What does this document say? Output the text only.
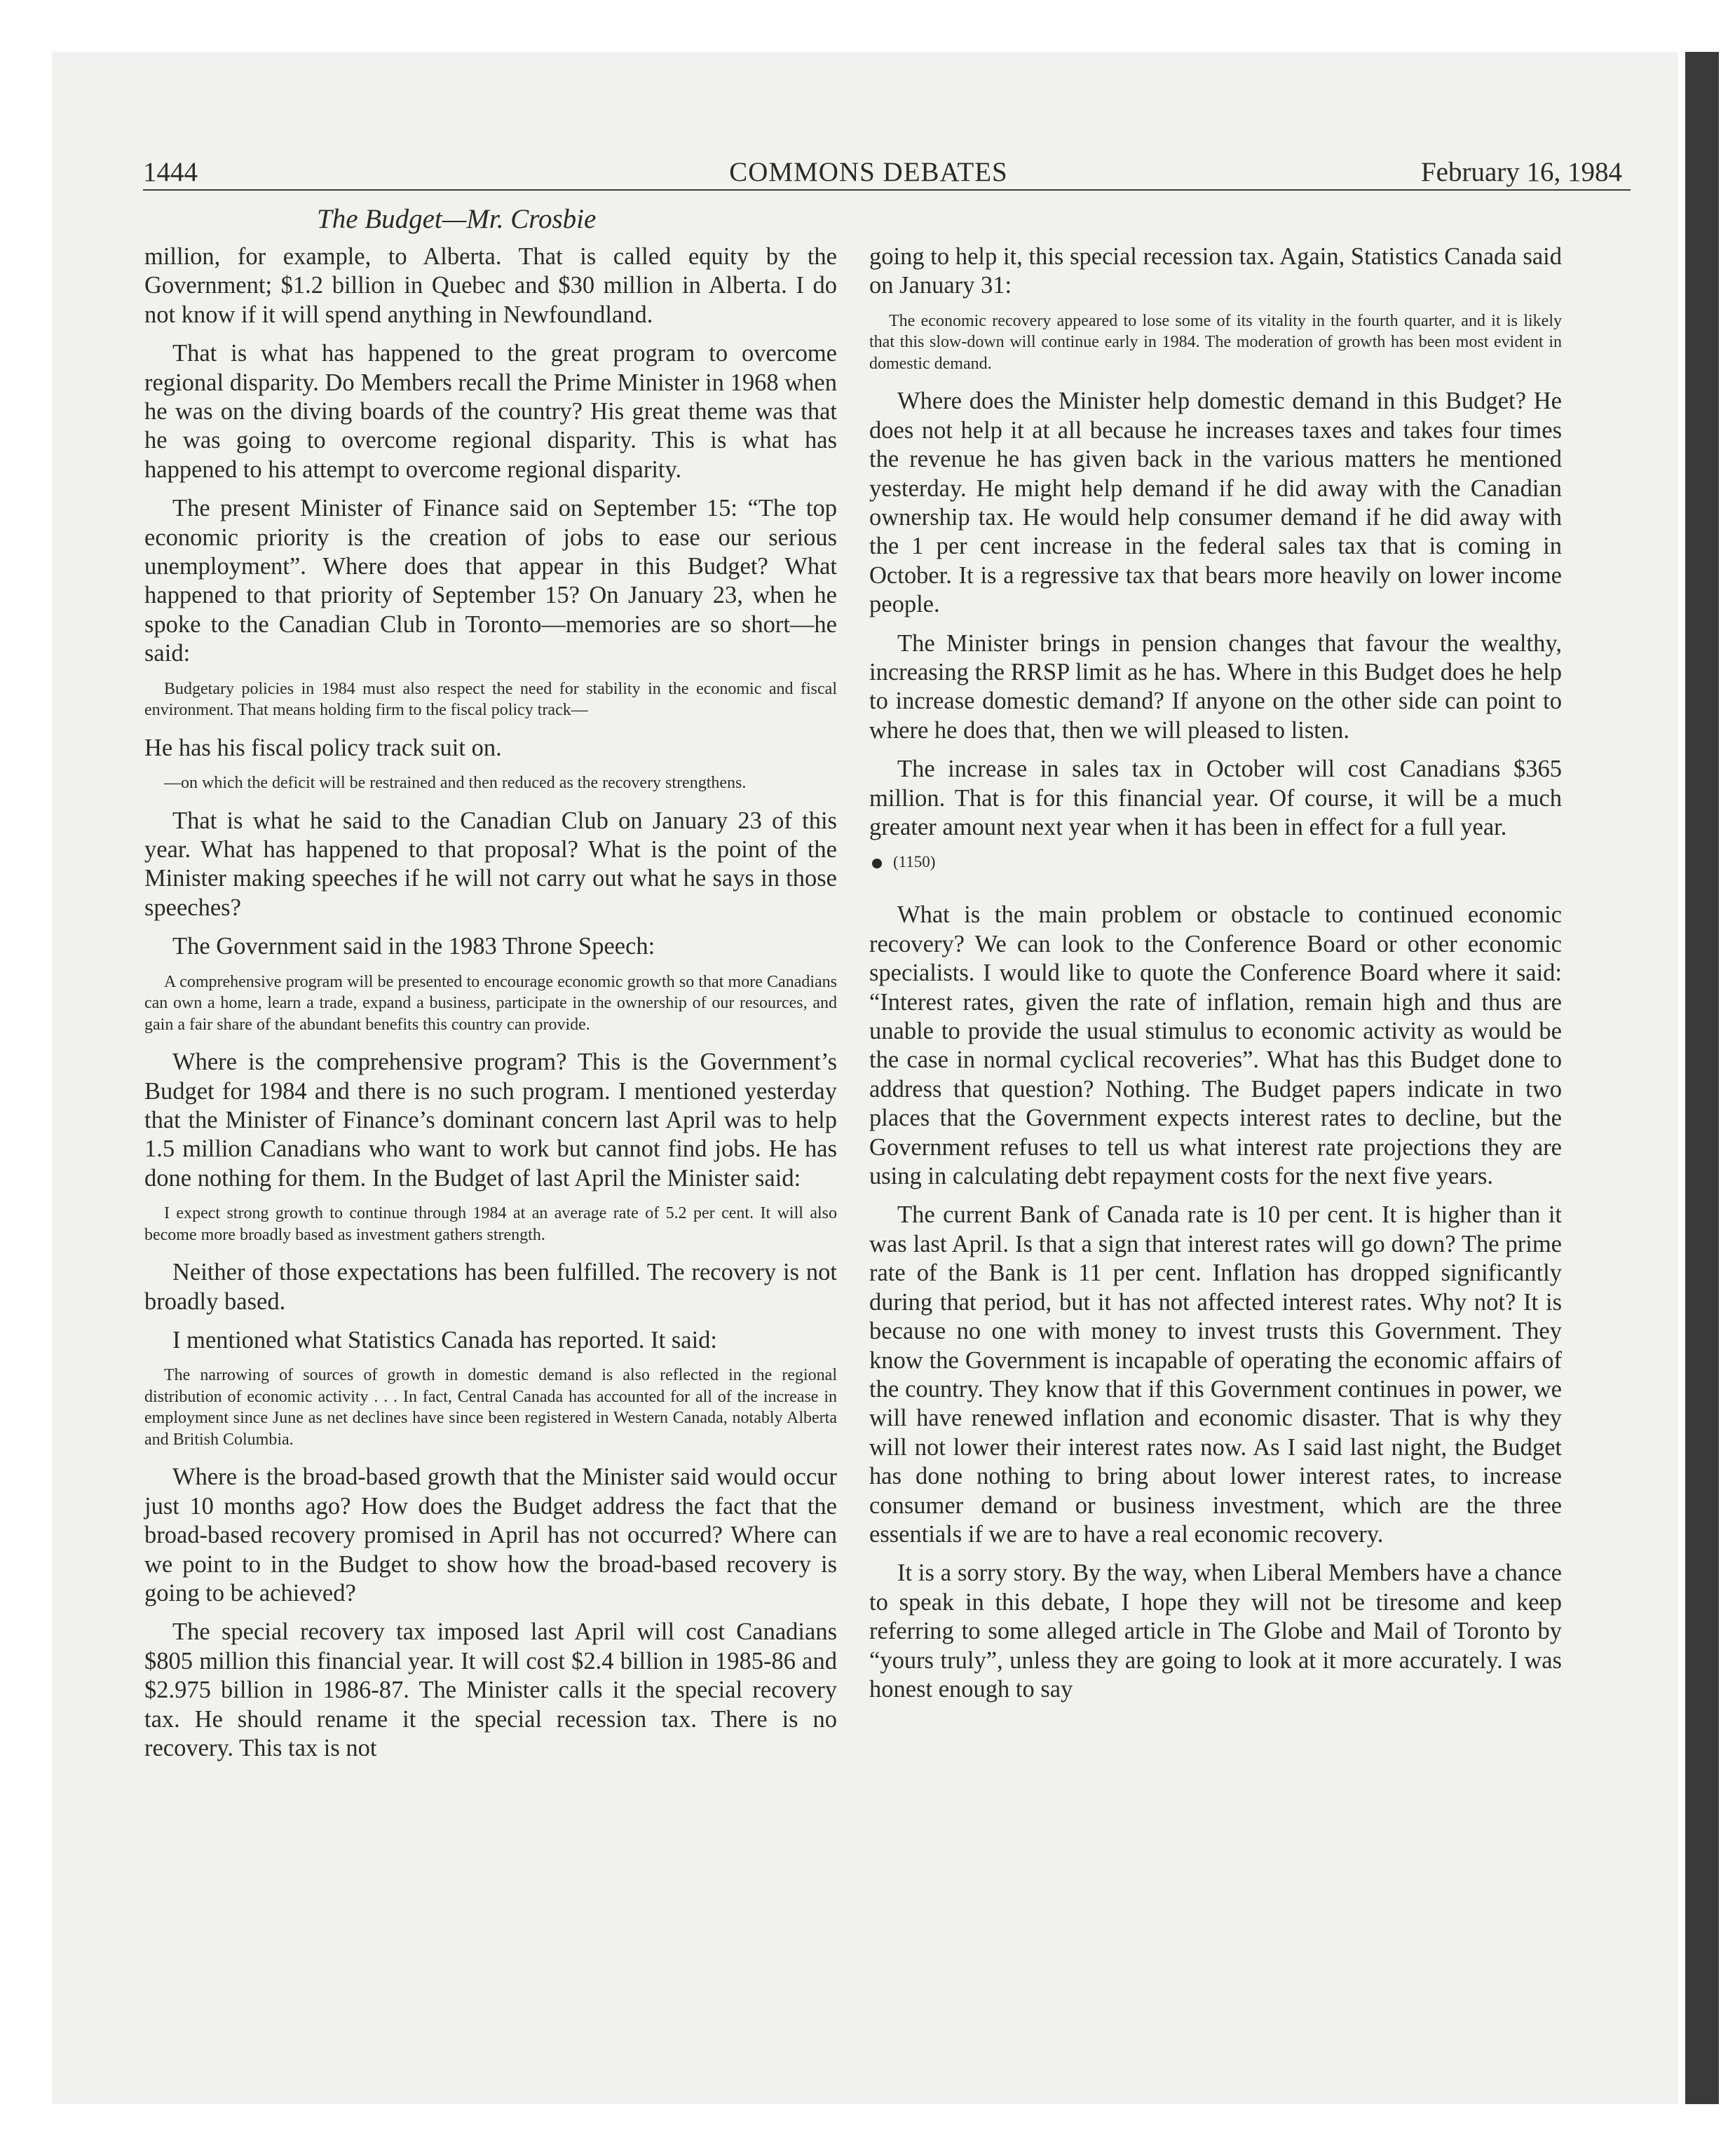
1444	COMMONS DEBATES	February 16, 1984
The Budget—Mr. Crosbie

million, for example, to Alberta. That is called equity by the Government; $1.2 billion in Quebec and $30 million in Alberta. I do not know if it will spend anything in Newfoundland.

That is what has happened to the great program to overcome regional disparity. Do Members recall the Prime Minister in 1968 when he was on the diving boards of the country? His great theme was that he was going to overcome regional disparity. This is what has happened to his attempt to overcome regional disparity.

The present Minister of Finance said on September 15: “The top economic priority is the creation of jobs to ease our serious unemployment”. Where does that appear in this Budget? What happened to that priority of September 15? On January 23, when he spoke to the Canadian Club in Toronto—memories are so short—he said:

Budgetary policies in 1984 must also respect the need for stability in the economic and fiscal environment. That means holding firm to the fiscal policy track—

He has his fiscal policy track suit on.

—on which the deficit will be restrained and then reduced as the recovery strengthens.

That is what he said to the Canadian Club on January 23 of this year. What has happened to that proposal? What is the point of the Minister making speeches if he will not carry out what he says in those speeches?

The Government said in the 1983 Throne Speech:

A comprehensive program will be presented to encourage economic growth so that more Canadians can own a home, learn a trade, expand a business, participate in the ownership of our resources, and gain a fair share of the abundant benefits this country can provide.

Where is the comprehensive program? This is the Government’s Budget for 1984 and there is no such program. I mentioned yesterday that the Minister of Finance’s dominant concern last April was to help 1.5 million Canadians who want to work but cannot find jobs. He has done nothing for them. In the Budget of last April the Minister said:

I expect strong growth to continue through 1984 at an average rate of 5.2 per cent. It will also become more broadly based as investment gathers strength.

Neither of those expectations has been fulfilled. The recovery is not broadly based.

I mentioned what Statistics Canada has reported. It said:

The narrowing of sources of growth in domestic demand is also reflected in the regional distribution of economic activity . . . In fact, Central Canada has accounted for all of the increase in employment since June as net declines have since been registered in Western Canada, notably Alberta and British Columbia.

Where is the broad-based growth that the Minister said would occur just 10 months ago? How does the Budget address the fact that the broad-based recovery promised in April has not occurred? Where can we point to in the Budget to show how the broad-based recovery is going to be achieved?

The special recovery tax imposed last April will cost Canadians $805 million this financial year. It will cost $2.4 billion in 1985-86 and $2.975 billion in 1986-87. The Minister calls it the special recovery tax. He should rename it the special recession tax. There is no recovery. This tax is not

going to help it, this special recession tax. Again, Statistics Canada said on January 31:

The economic recovery appeared to lose some of its vitality in the fourth quarter, and it is likely that this slow-down will continue early in 1984. The moderation of growth has been most evident in domestic demand.

Where does the Minister help domestic demand in this Budget? He does not help it at all because he increases taxes and takes four times the revenue he has given back in the various matters he mentioned yesterday. He might help demand if he did away with the Canadian ownership tax. He would help consumer demand if he did away with the 1 per cent increase in the federal sales tax that is coming in October. It is a regressive tax that bears more heavily on lower income people.

The Minister brings in pension changes that favour the wealthy, increasing the RRSP limit as he has. Where in this Budget does he help to increase domestic demand? If anyone on the other side can point to where he does that, then we will pleased to listen.

The increase in sales tax in October will cost Canadians $365 million. That is for this financial year. Of course, it will be a much greater amount next year when it has been in effect for a full year.

(1150)

What is the main problem or obstacle to continued economic recovery? We can look to the Conference Board or other economic specialists. I would like to quote the Conference Board where it said: “Interest rates, given the rate of inflation, remain high and thus are unable to provide the usual stimulus to economic activity as would be the case in normal cyclical recoveries”. What has this Budget done to address that question? Nothing. The Budget papers indicate in two places that the Government expects interest rates to decline, but the Government refuses to tell us what interest rate projections they are using in calculating debt repayment costs for the next five years.

The current Bank of Canada rate is 10 per cent. It is higher than it was last April. Is that a sign that interest rates will go down? The prime rate of the Bank is 11 per cent. Inflation has dropped significantly during that period, but it has not affected interest rates. Why not? It is because no one with money to invest trusts this Government. They know the Government is incapable of operating the economic affairs of the country. They know that if this Government continues in power, we will have renewed inflation and economic disaster. That is why they will not lower their interest rates now. As I said last night, the Budget has done nothing to bring about lower interest rates, to increase consumer demand or business investment, which are the three essentials if we are to have a real economic recovery.

It is a sorry story. By the way, when Liberal Members have a chance to speak in this debate, I hope they will not be tiresome and keep referring to some alleged article in The Globe and Mail of Toronto by “yours truly”, unless they are going to look at it more accurately. I was honest enough to say
